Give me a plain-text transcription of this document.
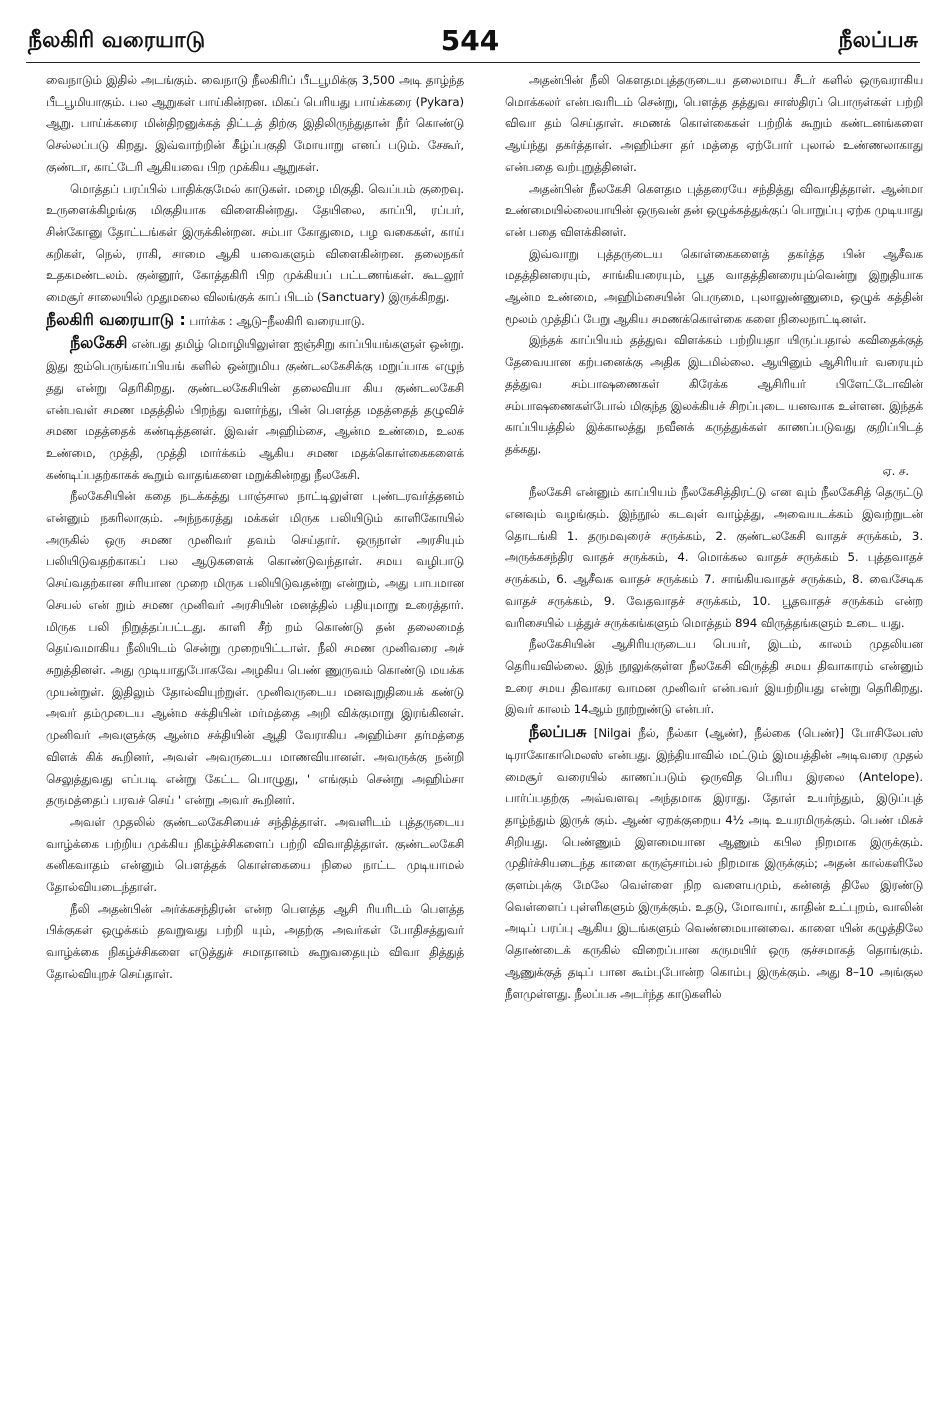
நீலகிரி வரையாடு	544	நீலப்பசு

வைநாடும் இதில் அடங்கும். வைநாடு நீலகிரிப் பீடபூமிக்கு 3,500 அடி தாழ்ந்த பீடபூமியாகும். பல ஆறுகள் பாய்கின்றன. மிகப் பெரியது பாய்க்கரை (Pykara) ஆறு. பாய்க்கரை மின்திறனுக்கத் திட்டத் திற்கு இதிலிருந்துதான் நீர் கொண்டு செல்லப்படு கிறது. இவ்வாற்றின் கீழ்ப்பகுதி மோயாறு எனப் படும். சேகூர், குண்டா, காட்டேரி ஆகியவை பிற முக்கிய ஆறுகள்.

மொத்தப் பரப்பில் பாதிக்குமேல் காடுகள். மழை மிகுதி. வெப்பம் குறைவு. உருளைக்கிழங்கு மிகுதியாக விளைகின்றது. தேயிலை, காப்பி, ரப்பர், சின்கோனு தோட்டங்கள் இருக்கின்றன. சம்பா கோதுமை, பழ வகைகள், காய் கறிகள், நெல், ராகி, சாமை ஆகி யவைகளும் விளைகின்றன. தலைநகர் உதகமண்டலம். குன்னூர், கோத்தகிரி பிற முக்கியப் பட்டணங்கள். கூடலூர் மைசூர் சாலையில் முதுமலை விலங்குக் காப் பிடம் (Sanctuary) இருக்கிறது.

நீலகிரி வரையாடு : பார்க்க : ஆடு–நீலகிரி வரையாடு.

நீலகேசி என்பது தமிழ் மொழியிலுள்ள ஐஞ்சிறு காப்பியங்களுள் ஒன்று. இது ஐம்பெருங்காப்பியங் களில் ஒன்றுமிய குண்டலகேசிக்கு மறுப்பாக எழுந் தது என்று தெரிகிறது. குண்டலகேசியின் தலைவியா கிய குண்டலகேசி என்பவள் சமண மதத்தில் பிறந்து வளர்ந்து, பின் பௌத்த மதத்தைத் தழுவிச் சமண மதத்தைக் கண்டித்தனள். இவள் அஹிம்சை, ஆன்ம உண்மை, உலக உண்மை, முத்தி, முத்தி மார்க்கம் ஆகிய சமண மதக்கொள்கைகளைக் கண்டிப்பதற்காகக் கூறும் வாதங்களை மறுக்கின்றது நீலகேசி.

நீலகேசியின் கதை நடக்கத்து பாஞ்சால நாட்டிலுள்ள புண்டரவர்த்தனம் என்னும் நகரிலாகும். அந்நகரத்து மக்கள் மிருக பலியிடும் காளிகோயில் அருகில் ஒரு சமண முனிவர் தவம் செய்தார். ஒருநாள் அரசியும் பலியிடுவதற்காகப் பல ஆடுகளைக் கொண்டுவந்தாள். சமய வழிபாடு செய்வதற்கான சரியான முறை மிருக பலியிடுவதன்று என்றும், அது பாபமான செயல் என் றும் சமண முனிவர் அரசியின் மனத்தில் பதியுமாறு உரைத்தார். மிருக பலி நிறுத்தப்பட்டது. காளி சீற் றம் கொண்டு தன் தலைமைத் தெய்வமாகிய நீலியிடம் சென்று முறையிட்டாள். நீலி சமண முனிவரை அச் சுறுத்தினள். அது முடியாதுபோகவே அழகிய பெண் ணுருவம் கொண்டு மயக்க முயன்றுள். இதிலும் தோல்வியுற்றுள். முனிவருடைய மனவுறுதியைக் கண்டு அவர் தம்முடைய ஆன்ம சக்தியின் மர்மத்தை அறி விக்குமாறு இரங்கினள். முனிவர் அவளுக்கு ஆன்ம சக்தியின் ஆதி வேராகிய அஹிம்சா தர்மத்தை விளக் கிக் கூறினர், அவள் அவருடைய மாணவியானள். அவருக்கு நன்றி செலுத்துவது எப்படி என்று கேட்ட பொழுது, ' எங்கும் சென்று அஹிம்சா தருமத்தைப் பரவச் செய் ' என்று அவர் கூறினர்.

அவள் முதலில் குண்டலகேசியைச் சந்தித்தாள். அவளிடம் புத்தருடைய வாழ்க்கை பற்றிய முக்கிய நிகழ்ச்சிகளைப் பற்றி விவாதித்தாள். குண்டலகேசி கனிகவாதம் என்னும் பௌத்தக் கொள்கையை நிலை நாட்ட முடியாமல் தோல்வியடைந்தாள்.

நீலி அதன்பின் அர்க்கசந்திரன் என்ற பௌத்த ஆசி ரியரிடம் பௌத்த பிக்குகள் ஒழுக்கம் தவறுவது பற்றி யும், அதற்கு அவர்கள் போதிசத்துவர் வாழ்க்கை நிகழ்ச்சிகளை எடுத்துச் சமாதானம் கூறுவதையும் விவா தித்துத் தோல்வியுறச் செய்தாள்.

அதன்பின் நீலி கௌதமபுத்தருடைய தலைமாய சீடர் களில் ஒருவராகிய மொக்கலர் என்பவரிடம் சென்று, பௌத்த தத்துவ சாஸ்திரப் பொருள்கள் பற்றி விவா தம் செய்தாள். சமணக் கொள்கைகள் பற்றிக் கூறும் கண்டனங்களை ஆய்ந்து தகர்த்தாள். அஹிம்சா தர் மத்தை ஏற்போர் புலால் உண்ணலாகாது என்பதை வற்புறுத்தினள்.

அதன்பின் நீலகேசி கௌதம புத்தரையே சந்தித்து விவாதித்தாள். ஆன்மா உண்மையில்லையாயின் ஒருவன் தன் ஒழுக்கத்துக்குப் பொறுப்பு ஏற்க முடியாது என் பதை விளக்கினள்.

இவ்வாறு புத்தருடைய கொள்கைகளைத் தகர்த்த பின் ஆசீவக மதத்தினரையும், சாங்கியரையும், பூத வாதத்தினரையும்வென்று இறுதியாக ஆன்ம உண்மை, அஹிம்சையின் பெருமை, புலாலுண்ணுமை, ஒழுக் கத்தின் மூலம் முத்திப் பேறு ஆகிய சமணக்கொள்கை களை நிலைநாட்டினள்.

இந்தக் காப்பியம் தத்துவ விளக்கம் பற்றியதா யிருப்பதால் கவிதைக்குத் தேவையான கற்பனைக்கு அதிக இடமில்லை. ஆயினும் ஆசிரியர் வரையும் தத்துவ சம்பாஷணைகள் கிரேக்க ஆசிரியர் பிளேட்டோவின் சம்பாஷணைகள்போல் மிகுந்த இலக்கியச் சிறப்புடை யனவாக உள்ளன. இந்தக் காப்பியத்தில் இக்காலத்து நவீனக் கருத்துக்கள் காணப்படுவது குறிப்பிடத் தக்கது.

ஏ. ச.

நீலகேசி என்னும் காப்பியம் நீலகேசித்திரட்டு என வும் நீலகேசித் தெருட்டு எனவும் வழங்கும். இந்நூல் கடவுள் வாழ்த்து, அவையடக்கம் இவற்றுடன் தொடங்கி 1. தருமவுரைச் சருக்கம், 2. குண்டலகேசி வாதச் சருக்கம், 3. அருக்கசந்திர வாதச் சருக்கம், 4. மொக்கல வாதச் சருக்கம் 5. புத்தவாதச் சருக்கம், 6. ஆசீவக வாதச் சருக்கம் 7. சாங்கியவாதச் சருக்கம், 8. வைசேடிக வாதச் சருக்கம், 9. வேதவாதச் சருக்கம், 10. பூதவாதச் சருக்கம் என்ற வரிசையில் பத்துச் சருக்கங்களும் மொத்தம் 894 விருத்தங்களும் உடை யது.

நீலகேசியின் ஆசிரியருடைய பெயர், இடம், காலம் முதலியன தெரியவில்லை. இந் நூலுக்குள்ள நீலகேசி விருத்தி சமய திவாகாரம் என்னும் உரை சமய திவாகர வாமன முனிவர் என்பவர் இயற்றியது என்று தெரிகிறது. இவர் காலம் 14ஆம் நூற்றுண்டு என்பர்.

நீலப்பசு [Nilgai நீல், நீல்கா (ஆண்), நீல்கை (பெண்)] போசிலேபஸ் டிராகோகாமெலஸ் என்பது. இந்தியாவில் மட்டும் இமயத்தின் அடிவரை முதல் மைசூர் வரையில் காணப்படும் ஒருவித பெரிய இரலை (Antelope). பார்ப்பதற்கு அவ்வளவு அந்தமாக இராது. தோள் உயர்ந்தும், இடுப்புத் தாழ்ந்தும் இருக் கும். ஆண் ஏறக்குறைய 4½ அடி உயரமிருக்கும். பெண் மிகச் சிறியது. பெண்ணும் இளமையான ஆணும் கபில நிறமாக இருக்கும். முதிர்ச்சியடைந்த காளை கருஞ்சாம்பல் நிறமாக இருக்கும்; அதன் கால்களிலே குளம்புக்கு மேலே வெள்ளை நிற வளையமும், கன்னத் திலே இரண்டு வெள்ளைப் புள்ளிகளும் இருக்கும். உதடு, மோவாய், காதின் உட்புறம், வாலின் அடிப் பரப்பு ஆகிய இடங்களும் வெண்மையானவை. காளை யின் கழுத்திலே தொண்டைக் கருகில் விறைப்பான கருமயிர் ஒரு குச்சமாகத் தொங்கும். ஆணுக்குத் தடிப் பான கூம்புபோன்ற கொம்பு இருக்கும். அது 8–10 அங்குல நீளமுள்ளது. நீலப்பசு அடர்ந்த காடுகளில்
